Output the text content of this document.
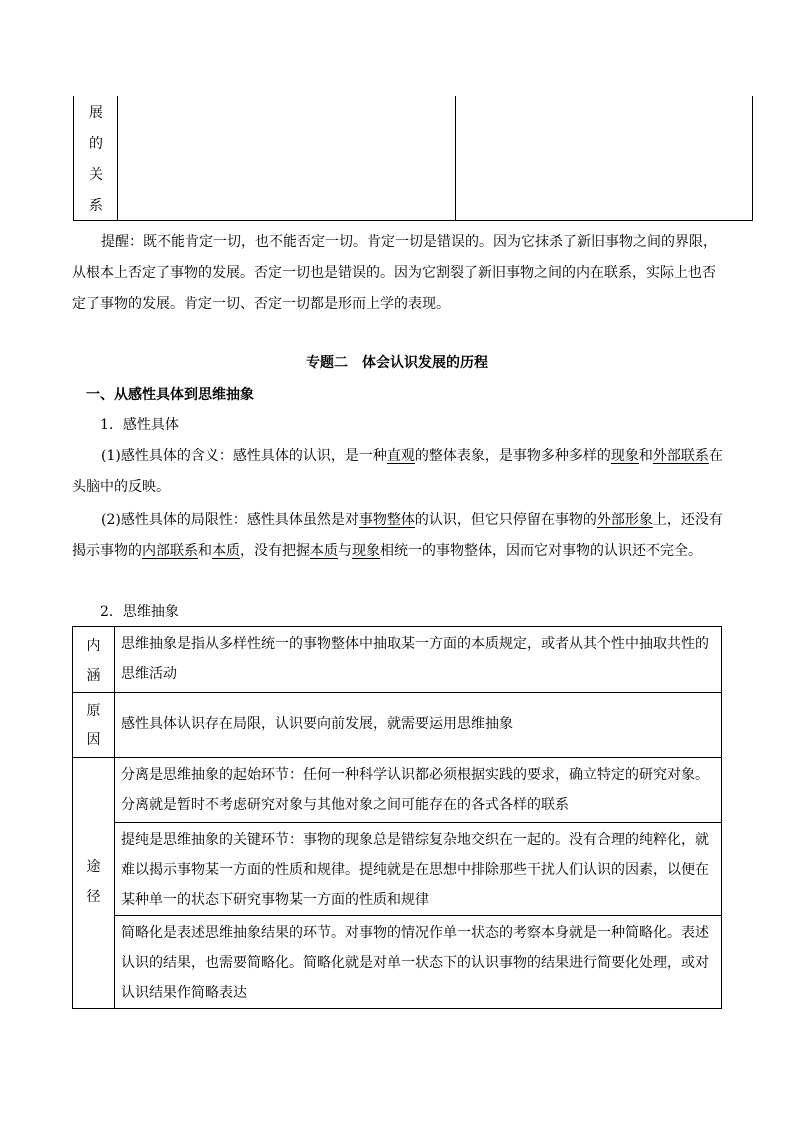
展
的
关
系
提醒：既不能肯定一切，也不能否定一切。肯定一切是错误的。因为它抹杀了新旧事物之间的界限，从根本上否定了事物的发展。否定一切也是错误的。因为它割裂了新旧事物之间的内在联系，实际上也否定了事物的发展。肯定一切、否定一切都是形而上学的表现。
专题二　体会认识发展的历程
一、从感性具体到思维抽象
1．感性具体
(1)感性具体的含义：感性具体的认识，是一种直观的整体表象，是事物多种多样的现象和外部联系在头脑中的反映。
(2)感性具体的局限性：感性具体虽然是对事物整体的认识，但它只停留在事物的外部形象上，还没有揭示事物的内部联系和本质，没有把握本质与现象相统一的事物整体，因而它对事物的认识还不完全。
2．思维抽象
内
涵
思维抽象是指从多样性统一的事物整体中抽取某一方面的本质规定，或者从其个性中抽取共性的思维活动
原
因
感性具体认识存在局限，认识要向前发展，就需要运用思维抽象
途
径
分离是思维抽象的起始环节：任何一种科学认识都必须根据实践的要求，确立特定的研究对象。分离就是暂时不考虑研究对象与其他对象之间可能存在的各式各样的联系
提纯是思维抽象的关键环节：事物的现象总是错综复杂地交织在一起的。没有合理的纯粹化，就难以揭示事物某一方面的性质和规律。提纯就是在思想中排除那些干扰人们认识的因素，以便在某种单一的状态下研究事物某一方面的性质和规律
简略化是表述思维抽象结果的环节。对事物的情况作单一状态的考察本身就是一种简略化。表述认识的结果，也需要简略化。简略化就是对单一状态下的认识事物的结果进行简要化处理，或对认识结果作简略表达
